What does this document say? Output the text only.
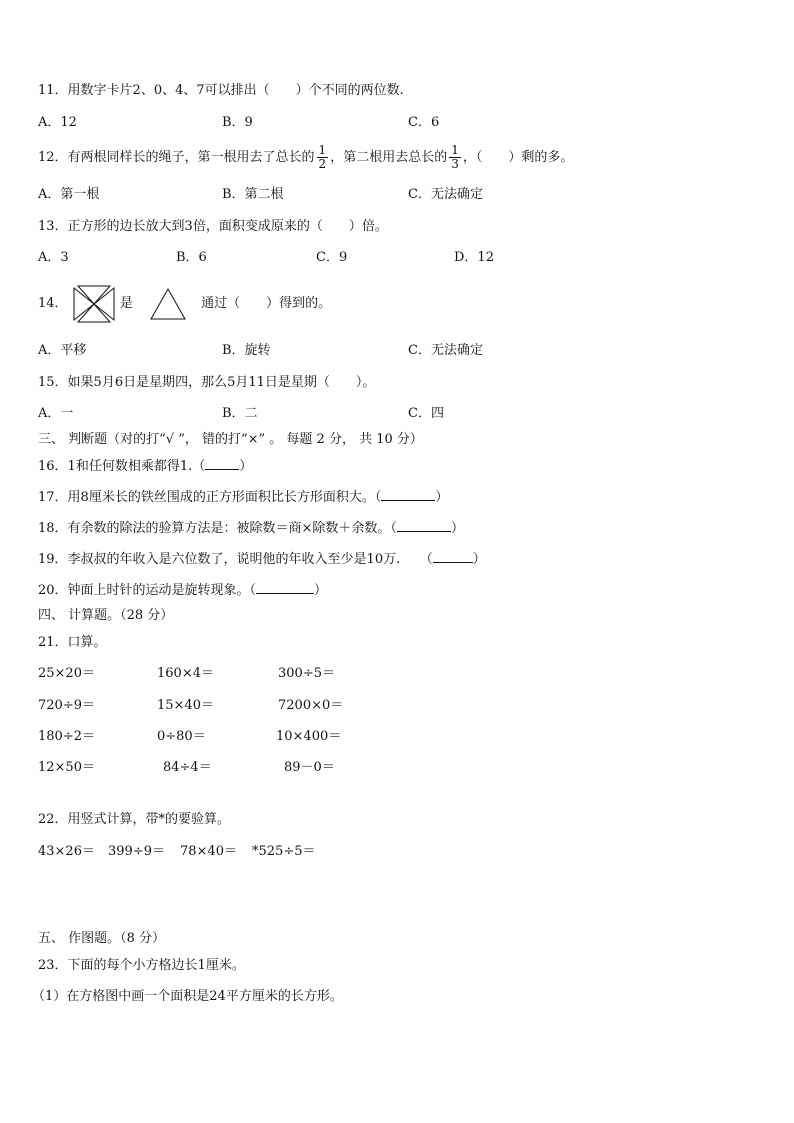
11．用数字卡片2、0、4、7可以排出（　　）个不同的两位数.
A．12	B．9	C．6
12．有两根同样长的绳子，第一根用去了总长的 $\frac{1}{2}$ ，第二根用去总长的 $\frac{1}{3}$ ，（　　）剩的多。
A．第一根	B．第二根	C．无法确定
13．正方形的边长放大到3倍，面积变成原来的（　　）倍。
A．3	B．6	C．9	D．12
14．	是	通过（　　）得到的。
A．平移	B．旋转	C．无法确定
15．如果5月6日是星期四，那么5月11日是星期（　　）。
A．一	B．二	C．四
三、 判断题（对的打“√ ”， 错的打“×” 。 每题 2 分， 共 10 分）
16．1和任何数相乘都得1.（	）
17．用8厘米长的铁丝围成的正方形面积比长方形面积大。（	）
18．有余数的除法的验算方法是：被除数＝商×除数＋余数。（	）
19．李叔叔的年收入是六位数了，说明他的年收入至少是10万.　　（	）
20．钟面上时针的运动是旋转现象。（	）
四、 计算题。（28 分）
21．口算。
25×20＝	160×4＝	300÷5＝
720÷9＝	15×40＝	7200×0＝
180÷2＝	0÷80＝	10×400＝
12×50＝	84÷4＝	89－0＝
22．用竖式计算，带*的要验算。
43×26＝ 399÷9＝ 78×40＝ *525÷5＝
五、 作图题。（8 分）
23．下面的每个小方格边长1厘米。
（1）在方格图中画一个面积是24平方厘米的长方形。
